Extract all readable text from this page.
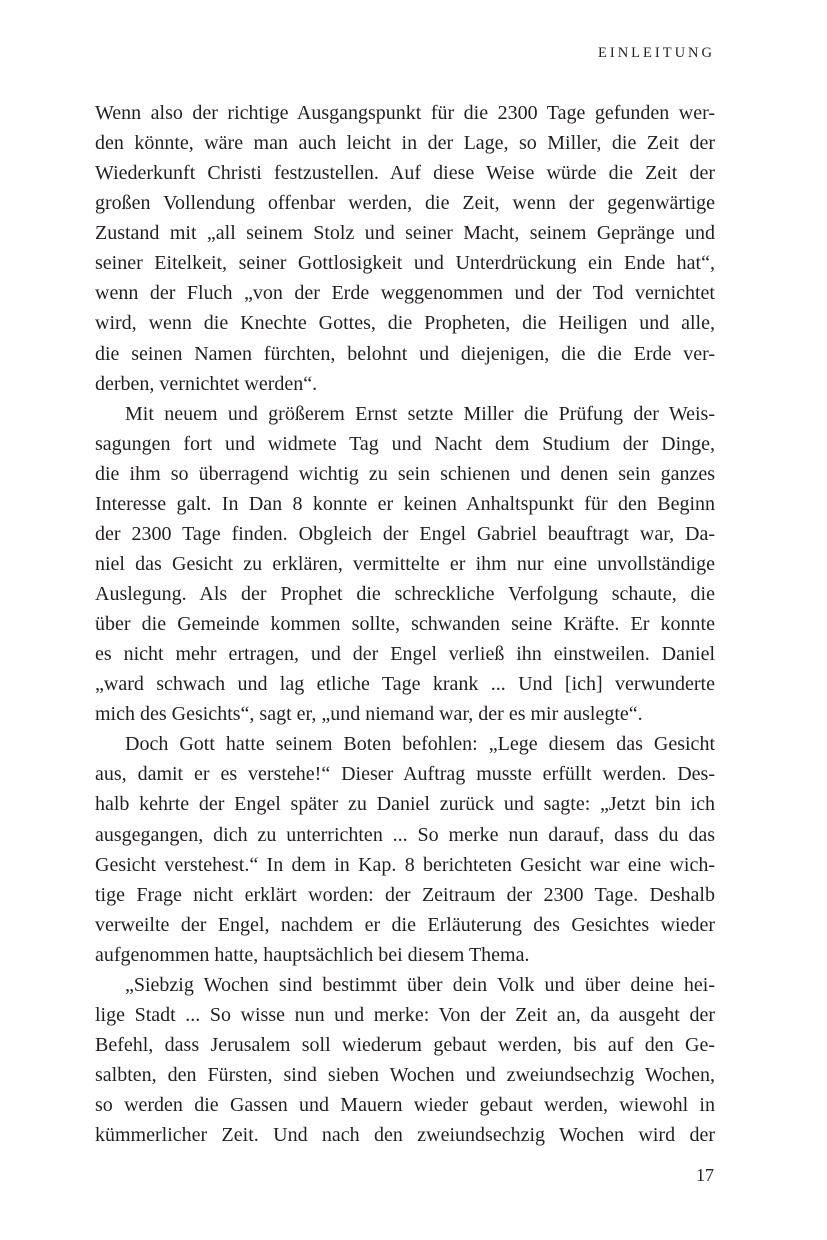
EINLEITUNG
Wenn also der richtige Ausgangspunkt für die 2300 Tage gefunden wer-
den könnte, wäre man auch leicht in der Lage, so Miller, die Zeit der
Wiederkunft Christi festzustellen. Auf diese Weise würde die Zeit der
großen Vollendung offenbar werden, die Zeit, wenn der gegenwärtige
Zustand mit „all seinem Stolz und seiner Macht, seinem Gepränge und
seiner Eitelkeit, seiner Gottlosigkeit und Unterdrückung ein Ende hat“,
wenn der Fluch „von der Erde weggenommen und der Tod vernichtet
wird, wenn die Knechte Gottes, die Propheten, die Heiligen und alle,
die seinen Namen fürchten, belohnt und diejenigen, die die Erde ver-
derben, vernichtet werden“.
Mit neuem und größerem Ernst setzte Miller die Prüfung der Weis-
sagungen fort und widmete Tag und Nacht dem Studium der Dinge,
die ihm so überragend wichtig zu sein schienen und denen sein ganzes
Interesse galt. In Dan 8 konnte er keinen Anhaltspunkt für den Beginn
der 2300 Tage finden. Obgleich der Engel Gabriel beauftragt war, Da-
niel das Gesicht zu erklären, vermittelte er ihm nur eine unvollständige
Auslegung. Als der Prophet die schreckliche Verfolgung schaute, die
über die Gemeinde kommen sollte, schwanden seine Kräfte. Er konnte
es nicht mehr ertragen, und der Engel verließ ihn einstweilen. Daniel
„ward schwach und lag etliche Tage krank ... Und [ich] verwunderte
mich des Gesichts“, sagt er, „und niemand war, der es mir auslegte“.
Doch Gott hatte seinem Boten befohlen: „Lege diesem das Gesicht
aus, damit er es verstehe!“ Dieser Auftrag musste erfüllt werden. Des-
halb kehrte der Engel später zu Daniel zurück und sagte: „Jetzt bin ich
ausgegangen, dich zu unterrichten ... So merke nun darauf, dass du das
Gesicht verstehest.“ In dem in Kap. 8 berichteten Gesicht war eine wich-
tige Frage nicht erklärt worden: der Zeitraum der 2300 Tage. Deshalb
verweilte der Engel, nachdem er die Erläuterung des Gesichtes wieder
aufgenommen hatte, hauptsächlich bei diesem Thema.
„Siebzig Wochen sind bestimmt über dein Volk und über deine hei-
lige Stadt ... So wisse nun und merke: Von der Zeit an, da ausgeht der
Befehl, dass Jerusalem soll wiederum gebaut werden, bis auf den Ge-
salbten, den Fürsten, sind sieben Wochen und zweiundsechzig Wochen,
so werden die Gassen und Mauern wieder gebaut werden, wiewohl in
kümmerlicher Zeit. Und nach den zweiundsechzig Wochen wird der
17
